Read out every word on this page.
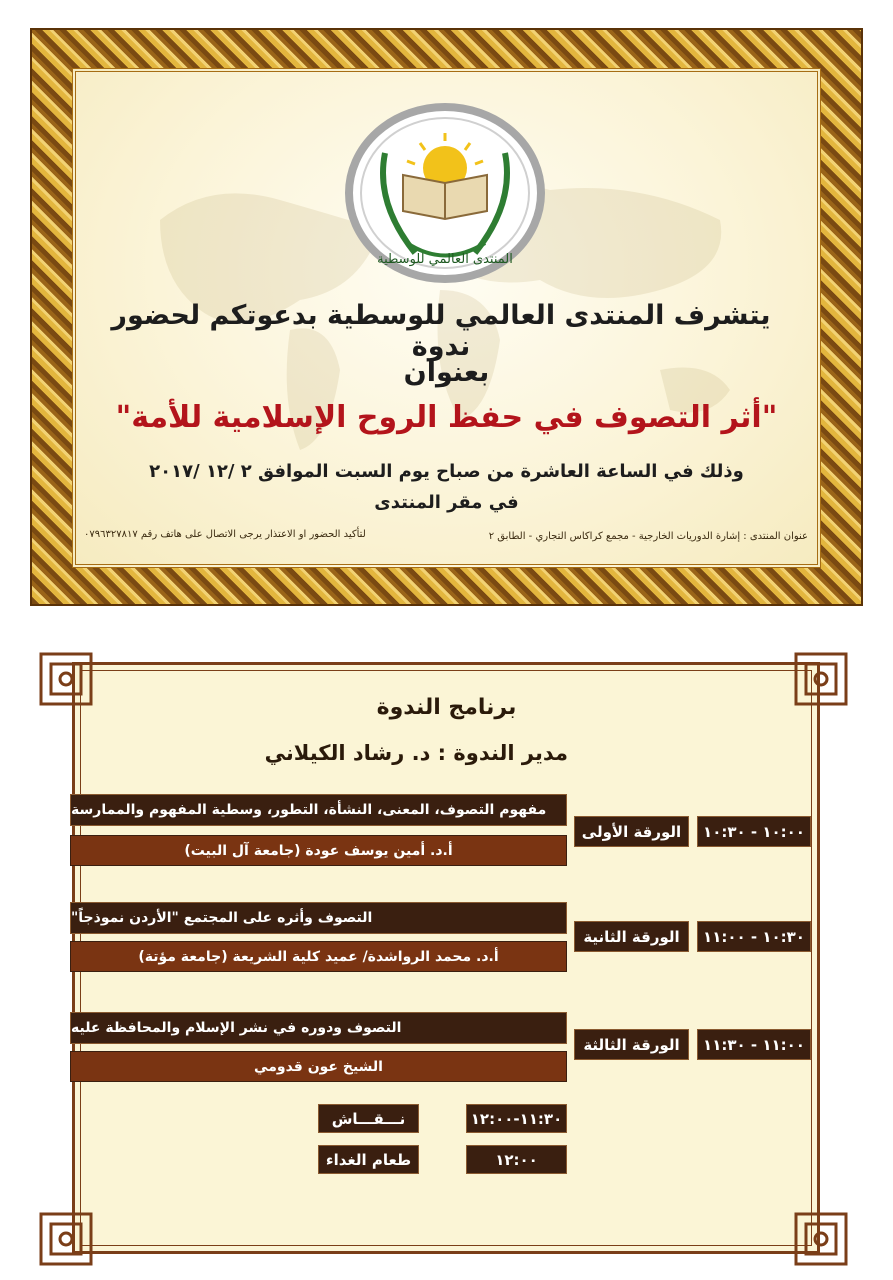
المنتدى العالمي للوسطية
يتشرف المنتدى العالمي للوسطية بدعوتكم لحضور ندوة
بعنوان
"أثر التصوف في حفظ الروح الإسلامية للأمة"
وذلك في الساعة العاشرة من صباح يوم السبت الموافق ٢ /١٢ /٢٠١٧
في مقر المنتدى
عنوان المنتدى : إشارة الدوريات الخارجية - مجمع كراكاس التجاري - الطابق ٢
لتأكيد الحضور او الاعتذار يرجى الاتصال على هاتف رقم ٠٧٩٦٣٢٧٨١٧
برنامج الندوة
مدير الندوة : د. رشاد الكيلاني
١٠:٠٠ - ١٠:٣٠
الورقة الأولى
مفهوم التصوف، المعنى، النشأة، التطور، وسطية المفهوم والممارسة
أ.د. أمين يوسف عودة (جامعة آل البيت)
١٠:٣٠ - ١١:٠٠
الورقة الثانية
التصوف وأثره على المجتمع "الأردن نموذجاً"
أ.د. محمد الرواشدة/ عميد كلية الشريعة (جامعة مؤتة)
١١:٠٠ - ١١:٣٠
الورقة الثالثة
التصوف ودوره في نشر الإسلام والمحافظة عليه
الشيخ عون قدومي
نـــقـــاش	١١:٣٠-١٢:٠٠
طعام الغداء	١٢:٠٠
